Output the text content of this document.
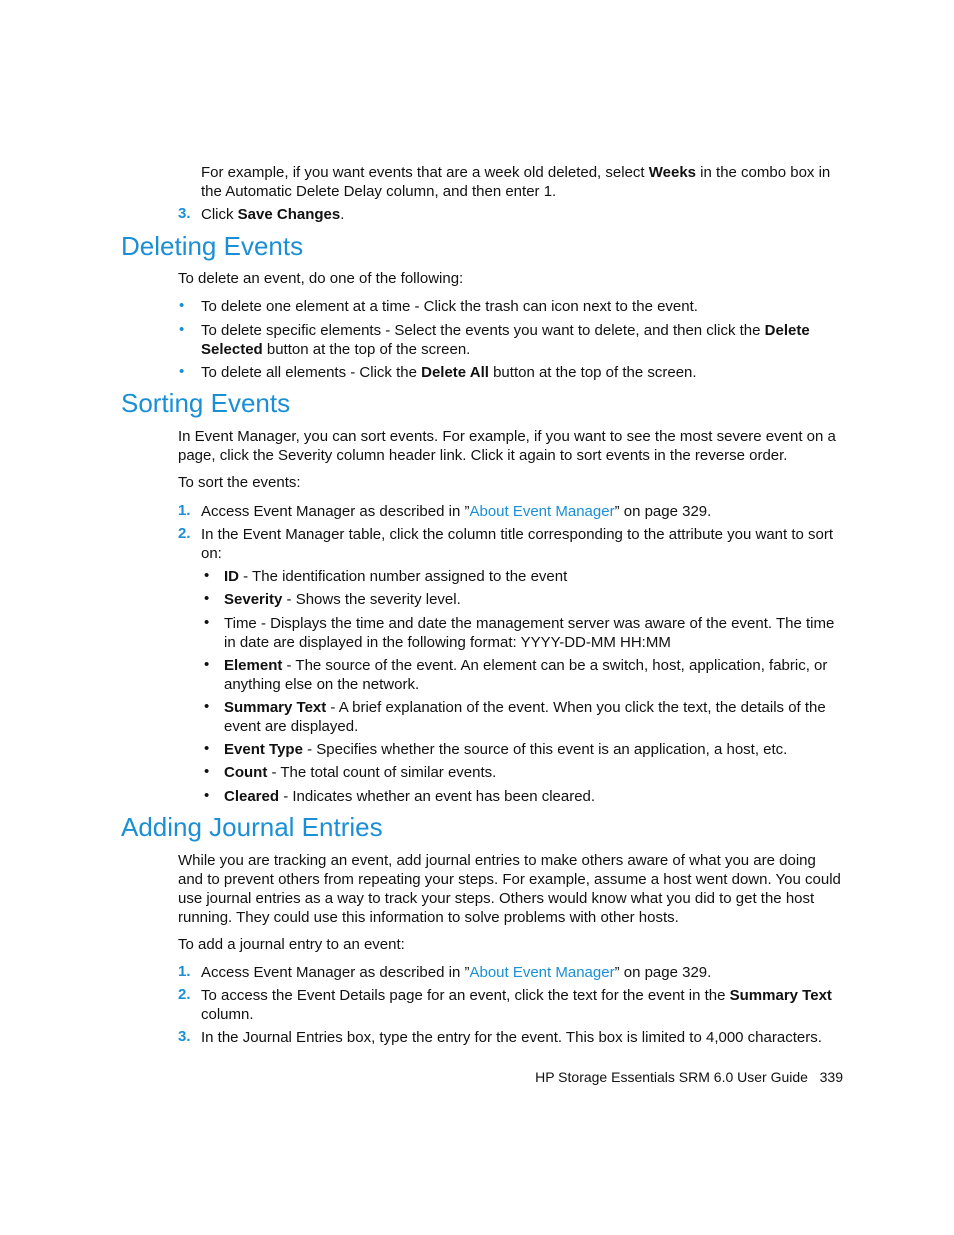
For example, if you want events that are a week old deleted, select Weeks in the combo box in the Automatic Delete Delay column, and then enter 1.
3. Click Save Changes.
Deleting Events
To delete an event, do one of the following:
• To delete one element at a time - Click the trash can icon next to the event.
• To delete specific elements - Select the events you want to delete, and then click the Delete Selected button at the top of the screen.
• To delete all elements - Click the Delete All button at the top of the screen.
Sorting Events
In Event Manager, you can sort events. For example, if you want to see the most severe event on a page, click the Severity column header link. Click it again to sort events in the reverse order.
To sort the events:
1. Access Event Manager as described in ”About Event Manager” on page 329.
2. In the Event Manager table, click the column title corresponding to the attribute you want to sort on:
• ID - The identification number assigned to the event
• Severity - Shows the severity level.
• Time - Displays the time and date the management server was aware of the event. The time in date are displayed in the following format: YYYY-DD-MM HH:MM
• Element - The source of the event. An element can be a switch, host, application, fabric, or anything else on the network.
• Summary Text - A brief explanation of the event. When you click the text, the details of the event are displayed.
• Event Type - Specifies whether the source of this event is an application, a host, etc.
• Count - The total count of similar events.
• Cleared - Indicates whether an event has been cleared.
Adding Journal Entries
While you are tracking an event, add journal entries to make others aware of what you are doing and to prevent others from repeating your steps. For example, assume a host went down. You could use journal entries as a way to track your steps. Others would know what you did to get the host running. They could use this information to solve problems with other hosts.
To add a journal entry to an event:
1. Access Event Manager as described in ”About Event Manager” on page 329.
2. To access the Event Details page for an event, click the text for the event in the Summary Text column.
3. In the Journal Entries box, type the entry for the event. This box is limited to 4,000 characters.
HP Storage Essentials SRM 6.0 User Guide 339
